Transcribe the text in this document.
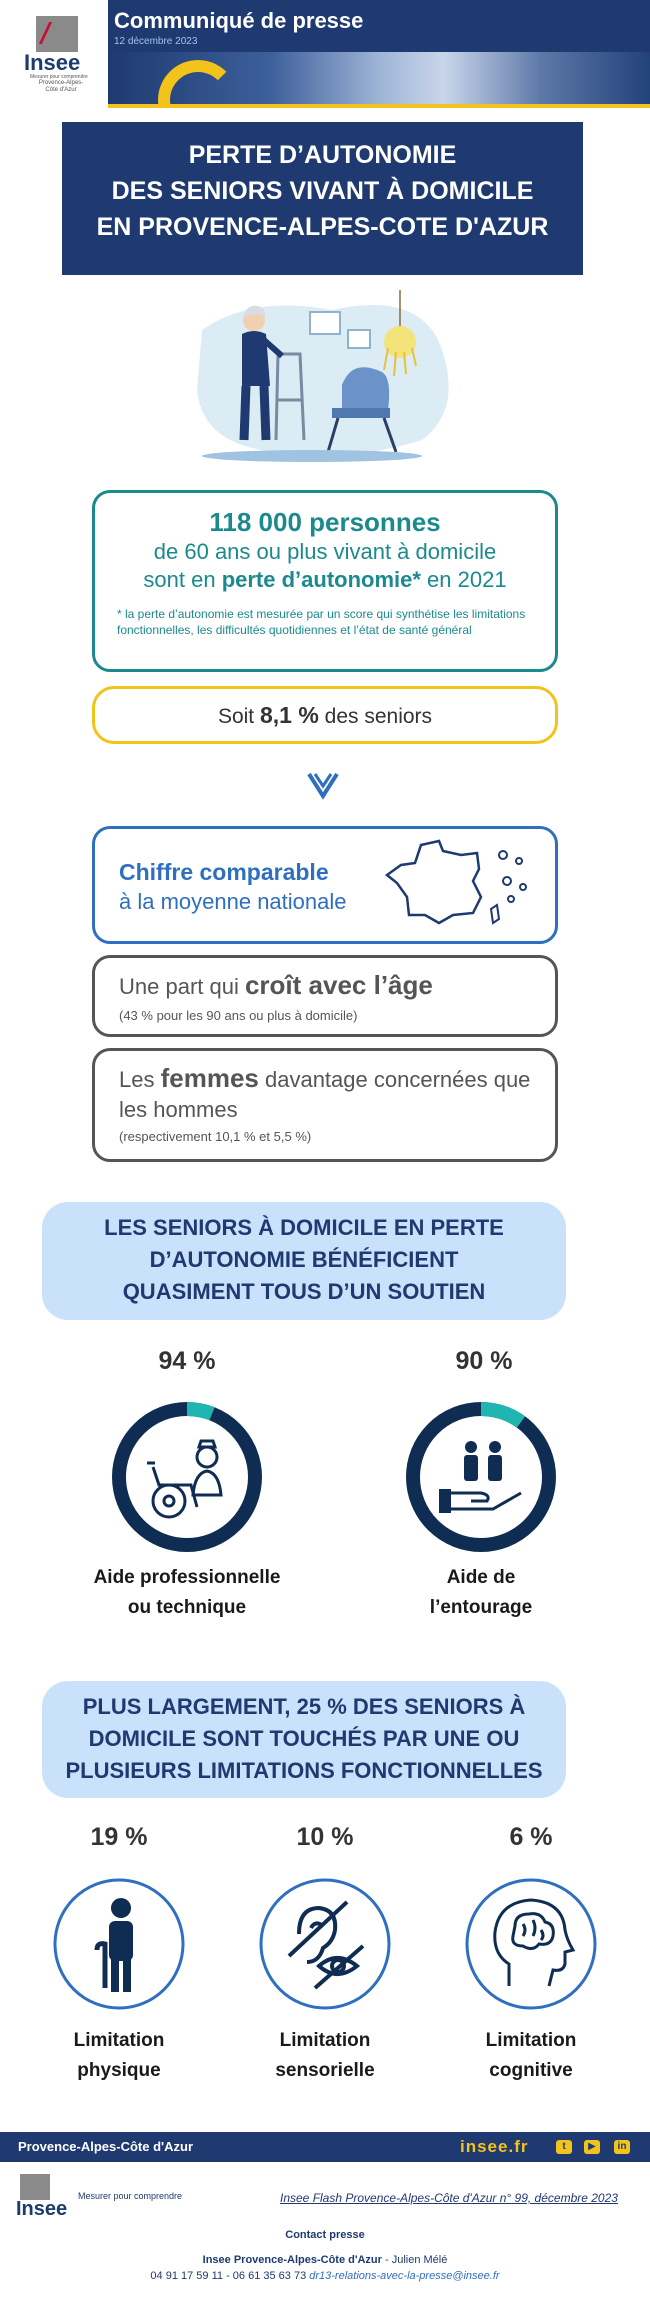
Insee
Mesurer pour comprendre
Provence-Alpes-Côte d'Azur
Communiqué de presse
12 décembre 2023
PERTE D’AUTONOMIE
DES SENIORS VIVANT À DOMICILE
EN PROVENCE-ALPES-COTE D'AZUR
118 000 personnes
de 60 ans ou plus vivant à domicile
sont en perte d’autonomie* en 2021
* la perte d’autonomie est mesurée par un score qui synthétise les limitations fonctionnelles, les difficultés quotidiennes et l’état de santé général
Soit 8,1 % des seniors
Chiffre comparable
à la moyenne nationale
Une part qui croît avec l’âge
(43 % pour les 90 ans ou plus à domicile)
Les femmes davantage concernées que les hommes
(respectivement 10,1 % et 5,5 %)
LES SENIORS À DOMICILE EN PERTE
D’AUTONOMIE BÉNÉFICIENT
QUASIMENT TOUS D’UN SOUTIEN
94 %	90 %
Aide professionnelle
ou technique
Aide de
l’entourage
PLUS LARGEMENT, 25 % DES SENIORS À
DOMICILE SONT TOUCHÉS PAR UNE OU
PLUSIEURS LIMITATIONS FONCTIONNELLES
19 %	10 %	6 %
Limitation
physique
Limitation
sensorielle
Limitation
cognitive
Provence-Alpes-Côte d'Azur	insee.fr	t	▶	in
Insee
Mesurer pour comprendre	Insee Flash Provence-Alpes-Côte d'Azur n° 99, décembre 2023
Contact presse
Insee Provence-Alpes-Côte d'Azur - Julien Mélé
04 91 17 59 11 - 06 61 35 63 73 dr13-relations-avec-la-presse@insee.fr
